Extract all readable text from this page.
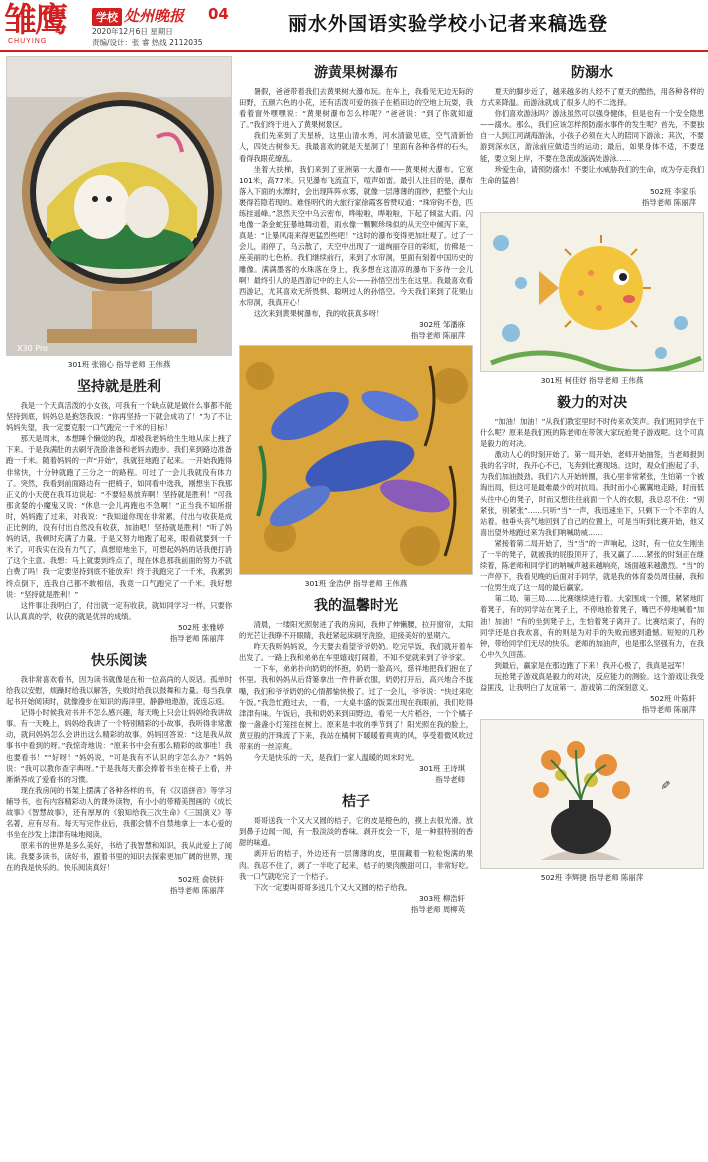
雏鹰
CHUYING
学校 处州晚报 04
2020年12月6日 星期日
责编/设计：张 睿 热线 2112035
丽水外国语实验学校小记者来稿选登
X30 Pro
301班 张锦心 指导老师 王伟燕
坚持就是胜利

我是一个天真活泼的小女孩，可我有一个缺点就是做什么事都不能坚持到底，妈妈总是抱怨我说：“你再坚持一下就会成功了！”为了不让妈妈失望，我一定要克服一口气跑完一千米的目标！

那天是周末，本想睡个懒觉的我，却被我老妈给生生地从床上拽了下来。于是我满肚的去刷牙洗脸准备和老妈去跑步。我们来到路边准备跑一千米。随着妈妈的一声“开始”，我就狂地跑了起来。一开始我跑得非常快，十分钟就跑了三分之一的路程。可过了一会儿我就没有体力了。突然，我看到前面路边有一把椅子，如同看中选我，刚想坐下我那正义的小天使在我耳边说起：“不要轻易放弃啊！坚持就是胜利！”可我那贪婪的小魔鬼又说：“休息一会儿再跑也不急啊！”正当我不知所措时，妈妈跑了过来，对我说：“我知道你现在非常累，付出与收获是成正比例的，没有付出自然没有收获，加油吧！坚持就是胜利！”听了妈妈的话，我顿时充满了力量。于是又努力地跑了起来，眼看就要到一千米了，可我实在没有力气了，真想原地坐下，可想起妈妈的话我便打消了这个主意。我想：马上就要到终点了，现在休息那我前面的努力不就白费了吗！我一定要坚持到底不能放弃！终于我跑完了一千米，我累到终点倒下，连我自己都不敢相信，我竟一口气跑完了一千米。我好想说：“坚持就是胜利！”

这件事让我明白了，付出就一定有收获，就如同学习一样，只要你认认真真的学，收获的就是优异的成绩。

502班 张雅婷
指导老师 陈丽萍
快乐阅读

我非常喜欢看书，因为读书就像是在和一位高尚的人说话。孤单时给我以安慰，烦躁时给我以解答，失败时给我以鼓舞和力量。每当我拿起书开始阅读时，就像漫步在知识的海洋里，静静地遨游，流连忘返。

记得小时候我对书并不怎么感兴趣，每天晚上只会让妈妈给我讲故事。有一天晚上，妈妈给我讲了一个特别精彩的小故事，我听得非常激动，就问妈妈怎么会讲出这么精彩的故事。妈妈回答说：“这是我从故事书中看到的呀。”我惊奇地说：“原来书中会有那么精彩的故事哇！我也要看书！”“好呀！”妈妈说，“可是我有不认识的字怎么办？”妈妈说：“我可以教你查字典呀。”于是我每天都会捧着书坐在椅子上看，并渐渐养成了爱看书的习惯。

现在我房间的书架上摆满了各种各样的书，有《汉语拼音》等学习辅导书，也有内容精彩动人的课外读物，有小小的带精美图画的《成长故事》《智慧故事》，还有厚厚的《狼知给我三次生命》《三国演义》等名著，应有尽有。每天写完作业后，我都会情不自禁地拿上一本心爱的书坐在沙发上津津有味地阅读。

原来书的世界是多么美好，书给了我智慧和知识，我从此爱上了阅读。我要多读书，读好书，跟着书里的知识去探索更加广阔的世界，现在的我是快乐的。快乐阅读真好！

502班 俞铁轩
指导老师 陈丽萍
游黄果树瀑布

暑假，爸爸带着我们去黄果树大瀑布玩。在车上，我看见无边无际的田野，五颜六色的小花，还有活泼可爱的孩子在稻田边的空地上玩耍，我看着窗外嘿嘿说：“黄果树瀑布怎么样呢？”爸爸说：“到了你就知道了。”我们终于进入了黄果树景区。

我们先来到了天星桥，这里山清水秀，河水清澈见底，空气清新怡人，四处古树参天。我最喜欢的就是天星洞了！里面有各种各样的石头，看得我眼花缭乱。

坐着大扶梯，我们来到了亚洲第一大瀑布——黄果树大瀑布。它宽101米，高77米。只见瀑布飞流直下，喧声如雷。最引人注目的是，瀑布落入下面的水潭时，会出现阵阵水雾，就像一层薄薄的面纱，把整个大山裹得若隐若现的。难怪明代的大旅行家徐霞客曾赞叹道：“珠帘钩不卷，匹练挂遥峰。”忽然天空中乌云密布，哗啦啦，哗啦啦，下起了倾盆大雨。闪电像一条金蛇狂暴地舞动着，雨水像一颗颗珍珠似的从天空中倾泻下来，真是：“让暴风雨来得更猛烈些吧！”这时的瀑布变得更加壮观了。过了一会儿，雨停了，乌云散了，天空中出现了一道绚丽夺目的彩虹，仿佛是一座美丽的七色桥。我们继续前行，来到了水帘洞，里面有刻着中国历史的雕像。满满墨客的水珠落在身上，我多想在这清凉的瀑布下多待一会儿啊！最终引人的是西游记中的主人公——孙悟空出生在这里。我最喜欢看西游记，尤其喜欢无所畏惧、聪明过人的孙悟空。今天我们来到了花果山水帘洞，我真开心！

这次来到黄果树瀑布，我的收获真多呀！

302班 邹潘庥
指导老师 陈丽萍
301班 金浩伊 指导老师 王伟燕
我的温馨时光

清晨，一缕阳光照射进了我的房间，我伸了伸懒腰，拉开窗帘，太阳的光芒让我睁不开眼睛，我赶紧起床刷牙洗脸，迎接美好的星期六。

昨天我听妈妈说，今天要去看望爷爷奶奶。吃完早饭，我们就开着车出发了。一路上我和弟弟在车里嬉戏打闹着，不知不觉就来到了爷爷家。

一下车，弟弟扑向奶奶的怀抱，奶奶一脸高兴，慈祥地把我们抱在了怀里。我和妈妈从后背篓拿出一件件新衣服，奶奶打开后，高兴地合不拢嘴，我们和爷爷奶奶的心情都愉快极了。过了一会儿，爷爷说：“快过来吃午饭。”我急忙跑过去，一看，一大桌丰盛的饭菜出现在我眼前，我们吃得津津有味。午饭后，我和奶奶来到田野边，看见一大片稻谷，一个个橘子像一盏盏小灯笼挂在树上。原来是丰收的季节到了！阳光照在我的脸上，黄豆般的汗珠流了下来，我站在橘树下暖暖着爽爽的风，享受着微风吹过带来的一丝凉爽。

今天是快乐的一天，是我们一家人温暖的周末时光。

301班 王诗琪
指导老师
桔子

哥哥送我一个又大又圆的桔子，它的皮是橙色的，摸上去很光滑。放到鼻子边闻一闻，有一股淡淡的香味。剥开皮会一下，是一种很特别的香甜的味道。

剥开后的桔子，外边还有一层薄薄的皮，里面藏着一粒粒饱满的果肉。我忍不住了，剥了一半吃了起来，桔子的果肉酸甜可口，非常好吃。我一口气就吃完了一个桔子。

下次一定要叫哥哥多送几个又大又圆的桔子给我。

303班 柳浩轩
指导老师 周柳英
防溺水

夏天的脚步近了，越来越多的人经不了夏天的酷热，用各种各样的方式来降温。而游泳就成了很多人的不二选择。

你们喜欢游泳吗？游泳虽然可以强身健体，但是也有一个安全隐患——溺水。那么，我们应该怎样预防溺水事件的发生呢？首先，不要独自一人到江河湖海游泳，小孩子必须在大人的陪同下游泳；其次，不要游到深水区，游泳前应做适当的运动；最后，如果身体不适，不要逞能，要立刻上岸，不要在急流或漩涡处游泳……

珍爱生命，请预防溺水！不要让水威胁我们的生命，成为夺走我们生命的猛兽！

502班 李家乐
指导老师 陈丽萍
301班 柯佳妤 指导老师 王伟燕
毅力的对决

“加油！加油！”从我们教室里时不时传来欢笑声。我们班同学在干什么呢？原来是我们班的陈老师在带领大家玩抢凳子游戏呢。这个可真是毅力的对决。

激动人心的时刻开始了。第一局开始，老师开始抽签，当老师报到我的名字时，我开心不已，飞奔到比赛现场。这时，观众们抱起了手，为我们加油鼓劲。我们六人开始转圈，我心里非常紧张，生怕第一个被淘出局，但这可是最难最少的对抗局。我时而小心翼翼地走路，时而低头往中心的凳子，时而又想往往前面一个人的衣服，我总忍不住：“别紧张，别紧张”……只听“当”一声，我迅速坐下，只剩下一个不幸的人站着。他垂头丧气地回到了自己的位置上，可是当听到比赛开始，他又喜出望外地跑过来为我们呐喊助威……

紧接着第二局开始了，当“当”的一声响起，这时，有一位女生刚坐了一半的凳子，就被我的屁股顶开了，我又赢了……紧张的时刻正在继续着，陈老师和同学们的呐喊声越来越响亮，场面越来越激烈。“当”的一声停下，我看见晚的后面对手同学，就是我的体育委员周佳赫，我和一位男生成了这一局的最后赢家。

第二局、第三局……比赛继续进行着。大家围成一个圈，紧紧地盯着凳子，有的同学站在凳子上，不停地抢着凳子，嘴巴不停地喊着“加油！加油！”有的坐到凳子上，生怕着凳子离开了。比赛结束了，有的同学还是自我欢喜，有的则是为对手的失败而感到遗憾。短短的几秒钟，带给同学们无尽的快乐。老师的加油声，也是那么坚强有力，在我心中久久回荡。

到最后，赢家是在那边跑了下来！我开心极了，我真是冠军！

玩抢凳子游戏真是毅力的对决，反应能力的测验。这个游戏让我受益匪浅，让我明白了友谊第一、游戏第二的深刻意义。

502班 叶陈轩
指导老师 陈丽萍
✎
502班 李辉捷 指导老师 陈丽萍
